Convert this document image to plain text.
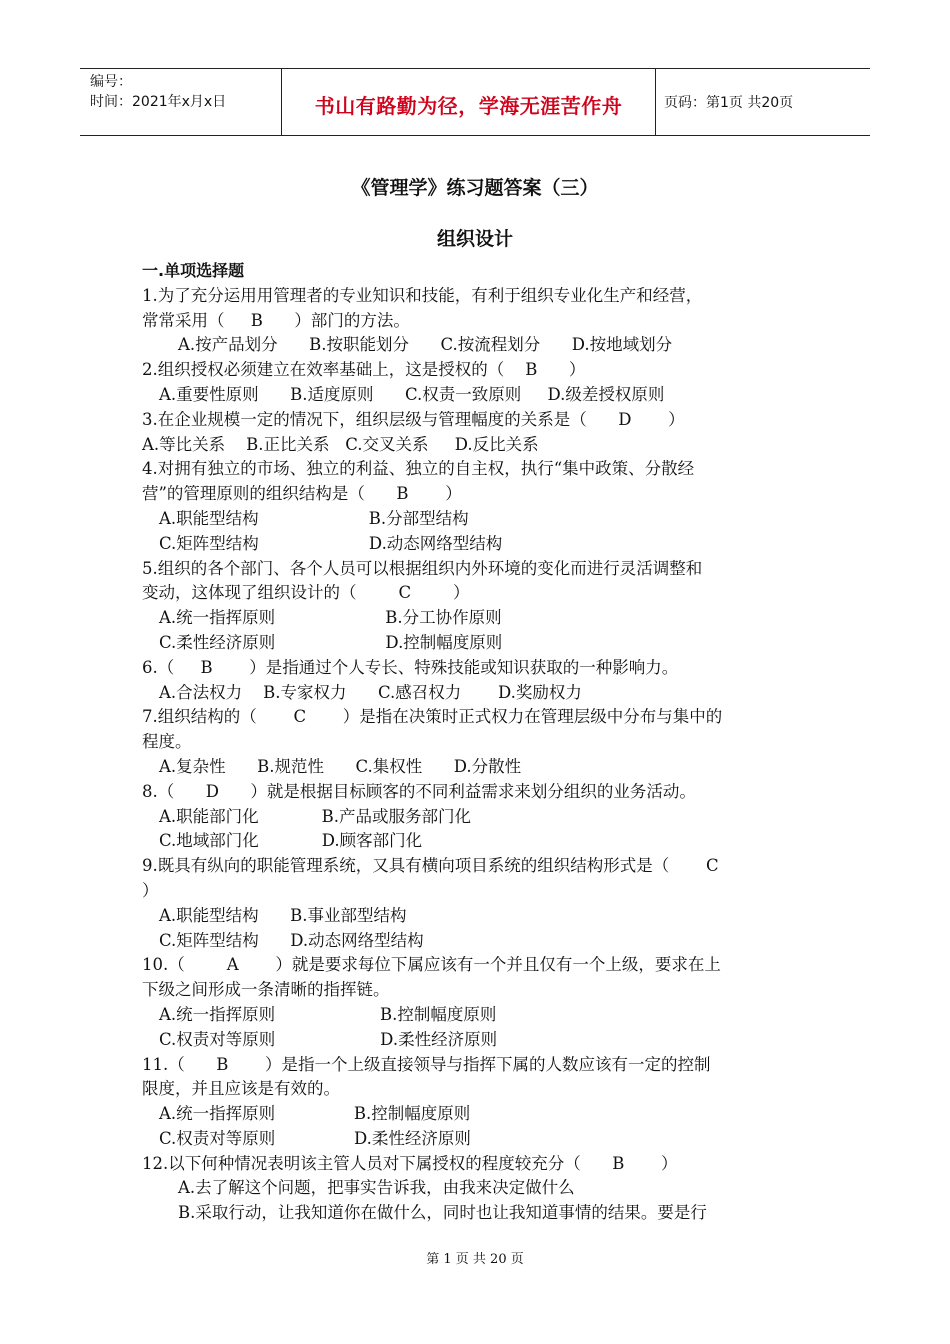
编号：
时间：2021年x月x日	书山有路勤为径，学海无涯苦作舟	页码：第1页 共20页
《管理学》练习题答案（三）
组织设计
一.单项选择题
1.为了充分运用用管理者的专业知识和技能，有利于组织专业化生产和经营，
常常采用（     B      ）部门的方法。
A.按产品划分      B.按职能划分      C.按流程划分      D.按地域划分
2.组织授权必须建立在效率基础上，这是授权的（    B      ）
A.重要性原则      B.适度原则      C.权责一致原则     D.级差授权原则
3.在企业规模一定的情况下，组织层级与管理幅度的关系是（      D       ）
A.等比关系    B.正比关系   C.交叉关系     D.反比关系
4.对拥有独立的市场、独立的利益、独立的自主权，执行“集中政策、分散经
营”的管理原则的组织结构是（      B       ）
A.职能型结构                     B.分部型结构
C.矩阵型结构                     D.动态网络型结构
5.组织的各个部门、各个人员可以根据组织内外环境的变化而进行灵活调整和
变动，这体现了组织设计的（        C        ）
A.统一指挥原则                     B.分工协作原则
C.柔性经济原则                     D.控制幅度原则
6.（     B       ）是指通过个人专长、特殊技能或知识获取的一种影响力。
A.合法权力    B.专家权力      C.感召权力       D.奖励权力
7.组织结构的（       C       ）是指在决策时正式权力在管理层级中分布与集中的
程度。
A.复杂性      B.规范性      C.集权性      D.分散性
8.（      D      ）就是根据目标顾客的不同利益需求来划分组织的业务活动。
A.职能部门化            B.产品或服务部门化
C.地域部门化            D.顾客部门化
9.既具有纵向的职能管理系统，又具有横向项目系统的组织结构形式是（       C
）
A.职能型结构      B.事业部型结构
C.矩阵型结构      D.动态网络型结构
10.（        A       ）就是要求每位下属应该有一个并且仅有一个上级，要求在上
下级之间形成一条清晰的指挥链。
A.统一指挥原则                    B.控制幅度原则
C.权责对等原则                    D.柔性经济原则
11.（      B       ）是指一个上级直接领导与指挥下属的人数应该有一定的控制
限度，并且应该是有效的。
A.统一指挥原则               B.控制幅度原则
C.权责对等原则               D.柔性经济原则
12.以下何种情况表明该主管人员对下属授权的程度较充分（      B       ）
A.去了解这个问题，把事实告诉我，由我来决定做什么
B.采取行动，让我知道你在做什么，同时也让我知道事情的结果。要是行
第 1 页 共 20 页
